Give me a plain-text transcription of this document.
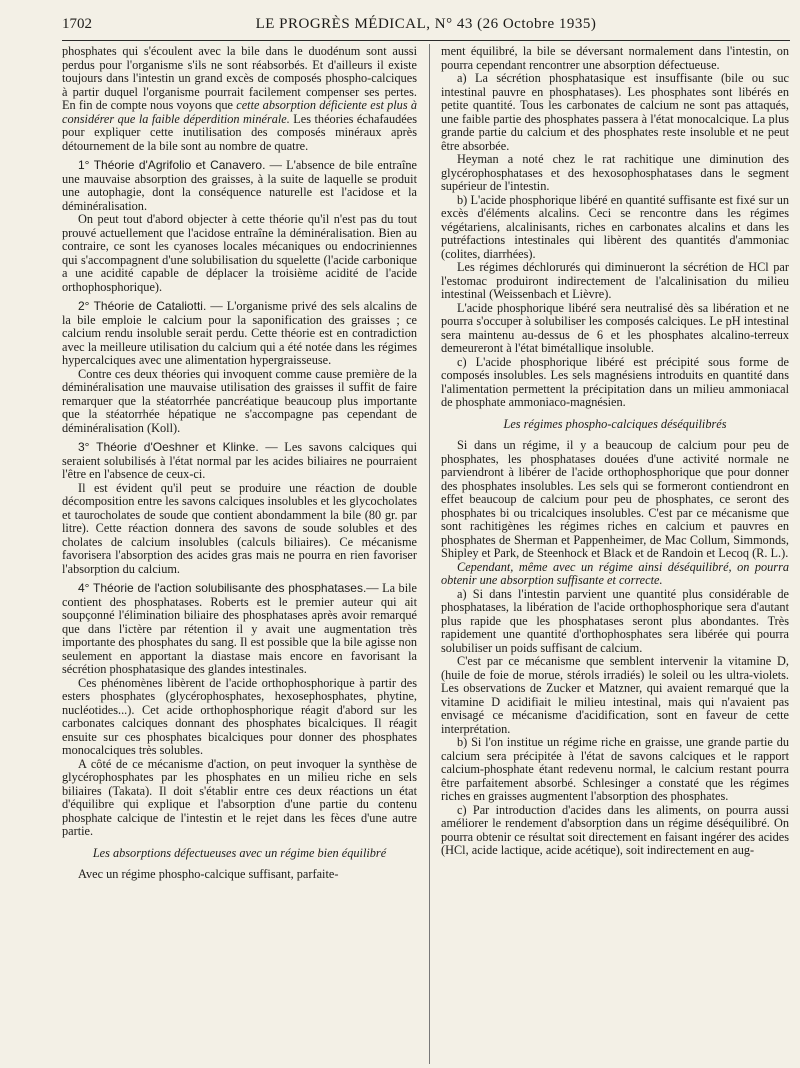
1702	LE PROGRÈS MÉDICAL, N° 43 (26 Octobre 1935)

phosphates qui s'écoulent avec la bile dans le duodénum sont aussi perdus pour l'organisme s'ils ne sont réabsorbés. Et d'ailleurs il existe toujours dans l'intestin un grand excès de composés phospho-calciques à partir duquel l'organisme pourrait facilement compenser ses pertes. En fin de compte nous voyons que cette absorption déficiente est plus à considérer que la faible déperdition minérale. Les théories échafaudées pour expliquer cette inutilisation des composés minéraux après détournement de la bile sont au nombre de quatre.

1° Théorie d'Agrifolio et Canavero. — L'absence de bile entraîne une mauvaise absorption des graisses, à la suite de laquelle se produit une autophagie, dont la conséquence naturelle est l'acidose et la déminéralisation.

On peut tout d'abord objecter à cette théorie qu'il n'est pas du tout prouvé actuellement que l'acidose entraîne la déminéralisation. Bien au contraire, ce sont les cyanoses locales mécaniques ou endocriniennes qui s'accompagnent d'une solubilisation du squelette (l'acide carbonique a une acidité capable de déplacer la troisième acidité de l'acide orthophosphorique).

2° Théorie de Cataliotti. — L'organisme privé des sels alcalins de la bile emploie le calcium pour la saponification des graisses ; ce calcium rendu insoluble serait perdu. Cette théorie est en contradiction avec la meilleure utilisation du calcium qui a été notée dans les régimes hypercalciques avec une alimentation hypergraisseuse.

Contre ces deux théories qui invoquent comme cause première de la déminéralisation une mauvaise utilisation des graisses il suffit de faire remarquer que la stéatorrhée pancréatique beaucoup plus importante que la stéatorrhée hépatique ne s'accompagne pas cependant de déminéralisation (Koll).

3° Théorie d'Oeshner et Klinke. — Les savons calciques qui seraient solubilisés à l'état normal par les acides biliaires ne pourraient l'être en l'absence de ceux-ci.

Il est évident qu'il peut se produire une réaction de double décomposition entre les savons calciques insolubles et les glycocholates et taurocholates de soude que contient abondamment la bile (80 gr. par litre). Cette réaction donnera des savons de soude solubles et des cholates de calcium insolubles (calculs biliaires). Ce mécanisme favorisera l'absorption des acides gras mais ne pourra en rien favoriser l'absorption du calcium.

4° Théorie de l'action solubilisante des phosphatases.— La bile contient des phosphatases. Roberts est le premier auteur qui ait soupçonné l'élimination biliaire des phosphatases après avoir remarqué que dans l'ictère par rétention il y avait une augmentation très importante des phosphates du sang. Il est possible que la bile agisse non seulement en apportant la diastase mais encore en favorisant la sécrétion phosphatasique des glandes intestinales.

Ces phénomènes libèrent de l'acide orthophosphorique à partir des esters phosphates (glycérophosphates, hexosephosphates, phytine, nucléotides...). Cet acide orthophosphorique réagit d'abord sur les carbonates calciques donnant des phosphates bicalciques. Il réagit ensuite sur ces phosphates bicalciques pour donner des phosphates monocalciques très solubles.

A côté de ce mécanisme d'action, on peut invoquer la synthèse de glycérophosphates par les phosphates en un milieu riche en sels biliaires (Takata). Il doit s'établir entre ces deux réactions un état d'équilibre qui explique et l'absorption d'une partie du contenu phosphate calcique de l'intestin et le rejet dans les fèces d'une autre partie.

Les absorptions défectueuses avec un régime bien équilibré

Avec un régime phospho-calcique suffisant, parfaite-

ment équilibré, la bile se déversant normalement dans l'intestin, on pourra cependant rencontrer une absorption défectueuse.

a) La sécrétion phosphatasique est insuffisante (bile ou suc intestinal pauvre en phosphatases). Les phosphates sont libérés en petite quantité. Tous les carbonates de calcium ne sont pas attaqués, une faible partie des phosphates passera à l'état monocalcique. La plus grande partie du calcium et des phosphates reste insoluble et ne peut être absorbée.

Heyman a noté chez le rat rachitique une diminution des glycérophosphatases et des hexosophosphatases dans le segment supérieur de l'intestin.

b) L'acide phosphorique libéré en quantité suffisante est fixé sur un excès d'éléments alcalins. Ceci se rencontre dans les régimes végétariens, alcalinisants, riches en carbonates alcalins et dans les putréfactions intestinales qui libèrent des quantités d'ammoniac (colites, diarrhées).

Les régimes déchlorurés qui diminueront la sécrétion de HCl par l'estomac produiront indirectement de l'alcalinisation du milieu intestinal (Weissenbach et Lièvre).

L'acide phosphorique libéré sera neutralisé dès sa libération et ne pourra s'occuper à solubiliser les composés calciques. Le pH intestinal sera maintenu au-dessus de 6 et les phosphates alcalino-terreux demeureront à l'état bimétallique insoluble.

c) L'acide phosphorique libéré est précipité sous forme de composés insolubles. Les sels magnésiens introduits en quantité dans l'alimentation permettent la précipitation dans un milieu ammoniacal de phosphate ammoniaco-magnésien.

Les régimes phospho-calciques déséquilibrés

Si dans un régime, il y a beaucoup de calcium pour peu de phosphates, les phosphatases douées d'une activité normale ne parviendront à libérer de l'acide orthophosphorique que pour donner des phosphates insolubles. Les sels qui se formeront contiendront en effet beaucoup de calcium pour peu de phosphates, ce seront des phosphates bi ou tricalciques insolubles. C'est par ce mécanisme que sont rachitigènes les régimes riches en calcium et pauvres en phosphates de Sherman et Pappenheimer, de Mac Collum, Simmonds, Shipley et Park, de Steenhock et Black et de Randoin et Lecoq (R. L.).

Cependant, même avec un régime ainsi déséquilibré, on pourra obtenir une absorption suffisante et correcte.

a) Si dans l'intestin parvient une quantité plus considérable de phosphatases, la libération de l'acide orthophosphorique sera d'autant plus rapide que les phosphatases seront plus abondantes. Très rapidement une quantité d'orthophosphates sera libérée qui pourra solubiliser un poids suffisant de calcium.

C'est par ce mécanisme que semblent intervenir la vitamine D, (huile de foie de morue, stérols irradiés) le soleil ou les ultra-violets. Les observations de Zucker et Matzner, qui avaient remarqué que la vitamine D acidifiait le milieu intestinal, mais qui n'avaient pas envisagé ce mécanisme d'acidification, sont en faveur de cette interprétation.

b) Si l'on institue un régime riche en graisse, une grande partie du calcium sera précipitée à l'état de savons calciques et le rapport calcium-phosphate étant redevenu normal, le calcium restant pourra être parfaitement absorbé. Schlesinger a constaté que les régimes riches en graisses augmentent l'absorption des phosphates.

c) Par introduction d'acides dans les aliments, on pourra aussi améliorer le rendement d'absorption dans un régime déséquilibré. On pourra obtenir ce résultat soit directement en faisant ingérer des acides (HCl, acide lactique, acide acétique), soit indirectement en aug-
